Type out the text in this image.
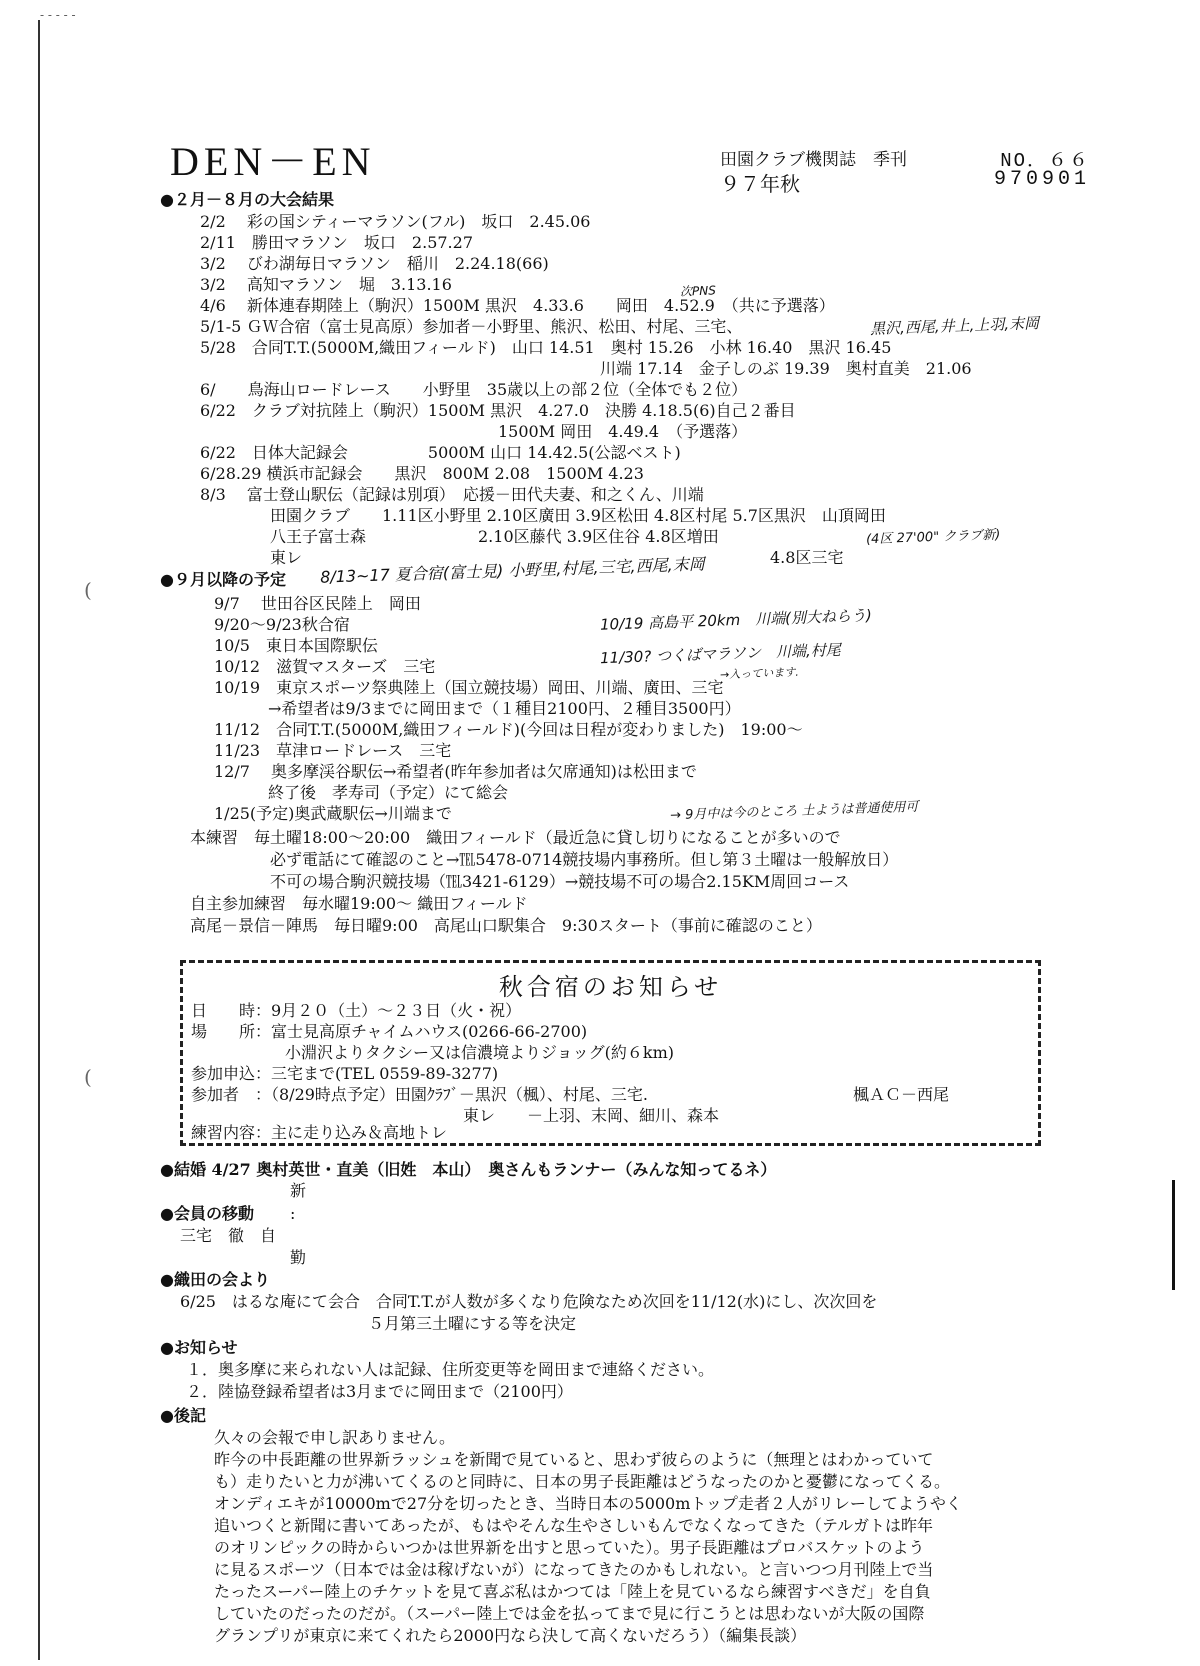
- - - - -
(
(
DEN－EN	田園クラブ機関誌　季刊	NO．６６
９７年秋	970901
●２月－８月の大会結果
2/2　 彩の国シティーマラソン(フル)　坂口　2.45.06
2/11　勝田マラソン　坂口　2.57.27
3/2　 びわ湖毎日マラソン　稲川　2.24.18(66)
3/2　 高知マラソン　堀　3.13.16
4/6　 新体連春期陸上（駒沢）1500M 黒沢　4.33.6　　岡田　4.52.9　（共に予選落）
5/1-5 ＧＷ合宿（富士見高原）参加者－小野里、熊沢、松田、村尾、三宅、
5/28　合同T.T.(5000M,織田フィールド)　山口 14.51　奥村 15.26　小林 16.40　黒沢 16.45
川端 17.14　金子しのぶ 19.39　奥村直美　21.06
6/　　鳥海山ロードレース　　小野里　35歳以上の部２位（全体でも２位）
6/22　クラブ対抗陸上（駒沢）1500M 黒沢　4.27.0　決勝 4.18.5(6)自己２番目
1500M 岡田　4.49.4　（予選落）
6/22　日体大記録会　　　　　5000M 山口 14.42.5(公認ベスト)
6/28.29 横浜市記録会　　黒沢　800M 2.08　1500M 4.23
8/3　 富士登山駅伝（記録は別項）　応援－田代夫妻、和之くん、川端
田園クラブ　　1.11区小野里 2.10区廣田 3.9区松田 4.8区村尾 5.7区黒沢　山頂岡田
八王子富士森　　　　　　　2.10区藤代 3.9区住谷 4.8区増田
東レ	4.8区三宅
次PNS
黒沢,西尾,井上,上羽,末岡
(4区 27'00" クラブ新)
8/13~17 夏合宿(富士見) 小野里,村尾,三宅,西尾,末岡
●９月以降の予定
9/7　 世田谷区民陸上　岡田
9/20～9/23秋合宿
10/5　東日本国際駅伝
10/12　滋賀マスターズ　三宅
10/19　東京スポーツ祭典陸上（国立競技場）岡田、川端、廣田、三宅
→希望者は9/3までに岡田まで（１種目2100円、２種目3500円）
11/12　合同T.T.(5000M,織田フィールド)(今回は日程が変わりました)　19:00～
11/23　草津ロードレース　三宅
12/7　 奥多摩渓谷駅伝→希望者(昨年参加者は欠席通知)は松田まで
終了後　孝寿司（予定）にて総会
1/25(予定)奥武蔵駅伝→川端まで
10/19 高島平 20km　川端(別大ねらう)
11/30? つくばマラソン　川端,村尾
→入っています.
→ 9月中は今のところ 土ようは普通使用可
本練習　毎土曜18:00～20:00　織田フィールド（最近急に貸し切りになることが多いので
必ず電話にて確認のこと→℡5478-0714競技場内事務所。但し第３土曜は一般解放日）
不可の場合駒沢競技場（℡3421-6129）→競技場不可の場合2.15KM周回コース
自主参加練習　毎水曜19:00～ 織田フィールド
高尾－景信－陣馬　毎日曜9:00　高尾山口駅集合　9:30スタート（事前に確認のこと）
秋合宿のお知らせ
日　　時：9月２０（土）～２３日（火・祝）
場　　所：富士見高原チャイムハウス(0266-66-2700)
小淵沢よりタクシー又は信濃境よりジョッグ(約６km)
参加申込：三宅まで(TEL 0559-89-3277)
参加者　：（8/29時点予定）田園ｸﾗﾌﾞ－黒沢（楓）、村尾、三宅.	楓ＡＣ－西尾
東レ　　－上羽、末岡、細川、森本
練習内容：主に走り込み＆高地トレ
●結婚 4/27 奥村英世・直美（旧姓　本山）　奥さんもランナー（みんな知ってるネ）
新
●会員の移動 :
三宅　徹　自
勤
●織田の会より
6/25　はるな庵にて会合　合同T.T.が人数が多くなり危険なため次回を11/12(水)にし、次次回を
５月第三土曜にする等を決定
●お知らせ
１．奥多摩に来られない人は記録、住所変更等を岡田まで連絡ください。
２．陸協登録希望者は3月までに岡田まで（2100円）
●後記
久々の会報で申し訳ありません。
昨今の中長距離の世界新ラッシュを新聞で見ていると、思わず彼らのように（無理とはわかっていて
も）走りたいと力が沸いてくるのと同時に、日本の男子長距離はどうなったのかと憂鬱になってくる。
オンディエキが10000mで27分を切ったとき、当時日本の5000mトップ走者２人がリレーしてようやく
追いつくと新聞に書いてあったが、もはやそんな生やさしいもんでなくなってきた（テルガトは昨年
のオリンピックの時からいつかは世界新を出すと思っていた）。男子長距離はプロバスケットのよう
に見るスポーツ（日本では金は稼げないが）になってきたのかもしれない。と言いつつ月刊陸上で当
たったスーパー陸上のチケットを見て喜ぶ私はかつては「陸上を見ているなら練習すべきだ」を自負
していたのだったのだが。（スーパー陸上では金を払ってまで見に行こうとは思わないが大阪の国際
グランプリが東京に来てくれたら2000円なら決して高くないだろう）（編集長談）
